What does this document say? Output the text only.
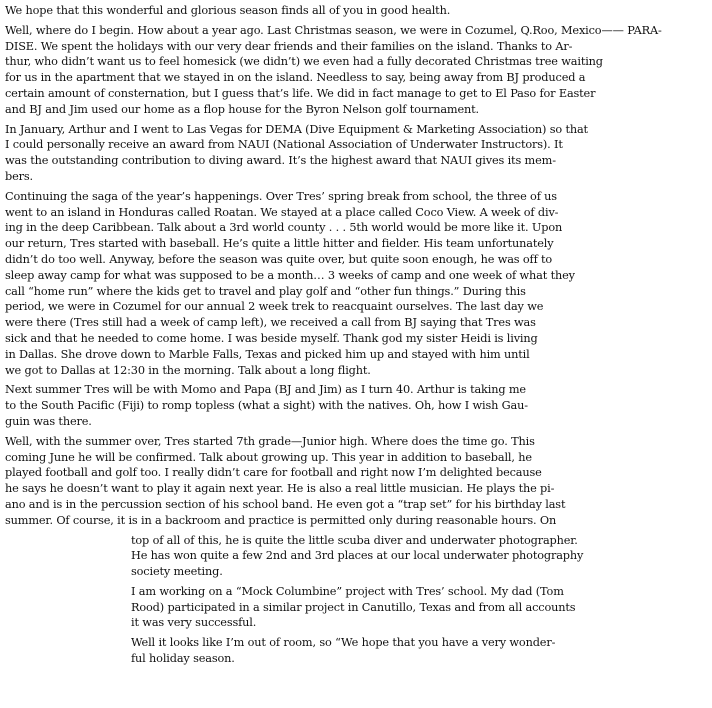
We hope that this wonderful and glorious season finds all of you in good health.
Well, where do I begin. How about a year ago. Last Christmas season, we were in Cozumel, Q.Roo, Mexico—— PARA-
DISE. We spent the holidays with our very dear friends and their families on the island. Thanks to Ar-
thur, who didn’t want us to feel homesick (we didn’t) we even had a fully decorated Christmas tree waiting
for us in the apartment that we stayed in on the island. Needless to say, being away from BJ produced a
certain amount of consternation, but I guess that’s life. We did in fact manage to get to El Paso for Easter
and BJ and Jim used our home as a flop house for the Byron Nelson golf tournament.
In January, Arthur and I went to Las Vegas for DEMA (Dive Equipment & Marketing Association) so that
I could personally receive an award from NAUI (National Association of Underwater Instructors). It
was the outstanding contribution to diving award. It’s the highest award that NAUI gives its mem-
bers.
Continuing the saga of the year’s happenings. Over Tres’ spring break from school, the three of us
went to an island in Honduras called Roatan. We stayed at a place called Coco View. A week of div-
ing in the deep Caribbean. Talk about a 3rd world county . . . 5th world would be more like it. Upon
our return, Tres started with baseball. He’s quite a little hitter and fielder. His team unfortunately
didn’t do too well. Anyway, before the season was quite over, but quite soon enough, he was off to
sleep away camp for what was supposed to be a month… 3 weeks of camp and one week of what they
call “home run” where the kids get to travel and play golf and “other fun things.” During this
period, we were in Cozumel for our annual 2 week trek to reacquaint ourselves. The last day we
were there (Tres still had a week of camp left), we received a call from BJ saying that Tres was
sick and that he needed to come home. I was beside myself. Thank god my sister Heidi is living
in Dallas. She drove down to Marble Falls, Texas and picked him up and stayed with him until
we got to Dallas at 12:30 in the morning. Talk about a long flight.
Next summer Tres will be with Momo and Papa (BJ and Jim) as I turn 40. Arthur is taking me
to the South Pacific (Fiji) to romp topless (what a sight) with the natives. Oh, how I wish Gau-
guin was there.
Well, with the summer over, Tres started 7th grade—Junior high. Where does the time go. This
coming June he will be confirmed. Talk about growing up. This year in addition to baseball, he
played football and golf too. I really didn’t care for football and right now I’m delighted because
he says he doesn’t want to play it again next year. He is also a real little musician. He plays the pi-
ano and is in the percussion section of his school band. He even got a “trap set” for his birthday last
summer. Of course, it is in a backroom and practice is permitted only during reasonable hours. On
top of all of this, he is quite the little scuba diver and underwater photographer.
He has won quite a few 2nd and 3rd places at our local underwater photography
society meeting.
I am working on a “Mock Columbine” project with Tres’ school. My dad (Tom
Rood) participated in a similar project in Canutillo, Texas and from all accounts
it was very successful.
Well it looks like I’m out of room, so “We hope that you have a very wonder-
ful holiday season.
